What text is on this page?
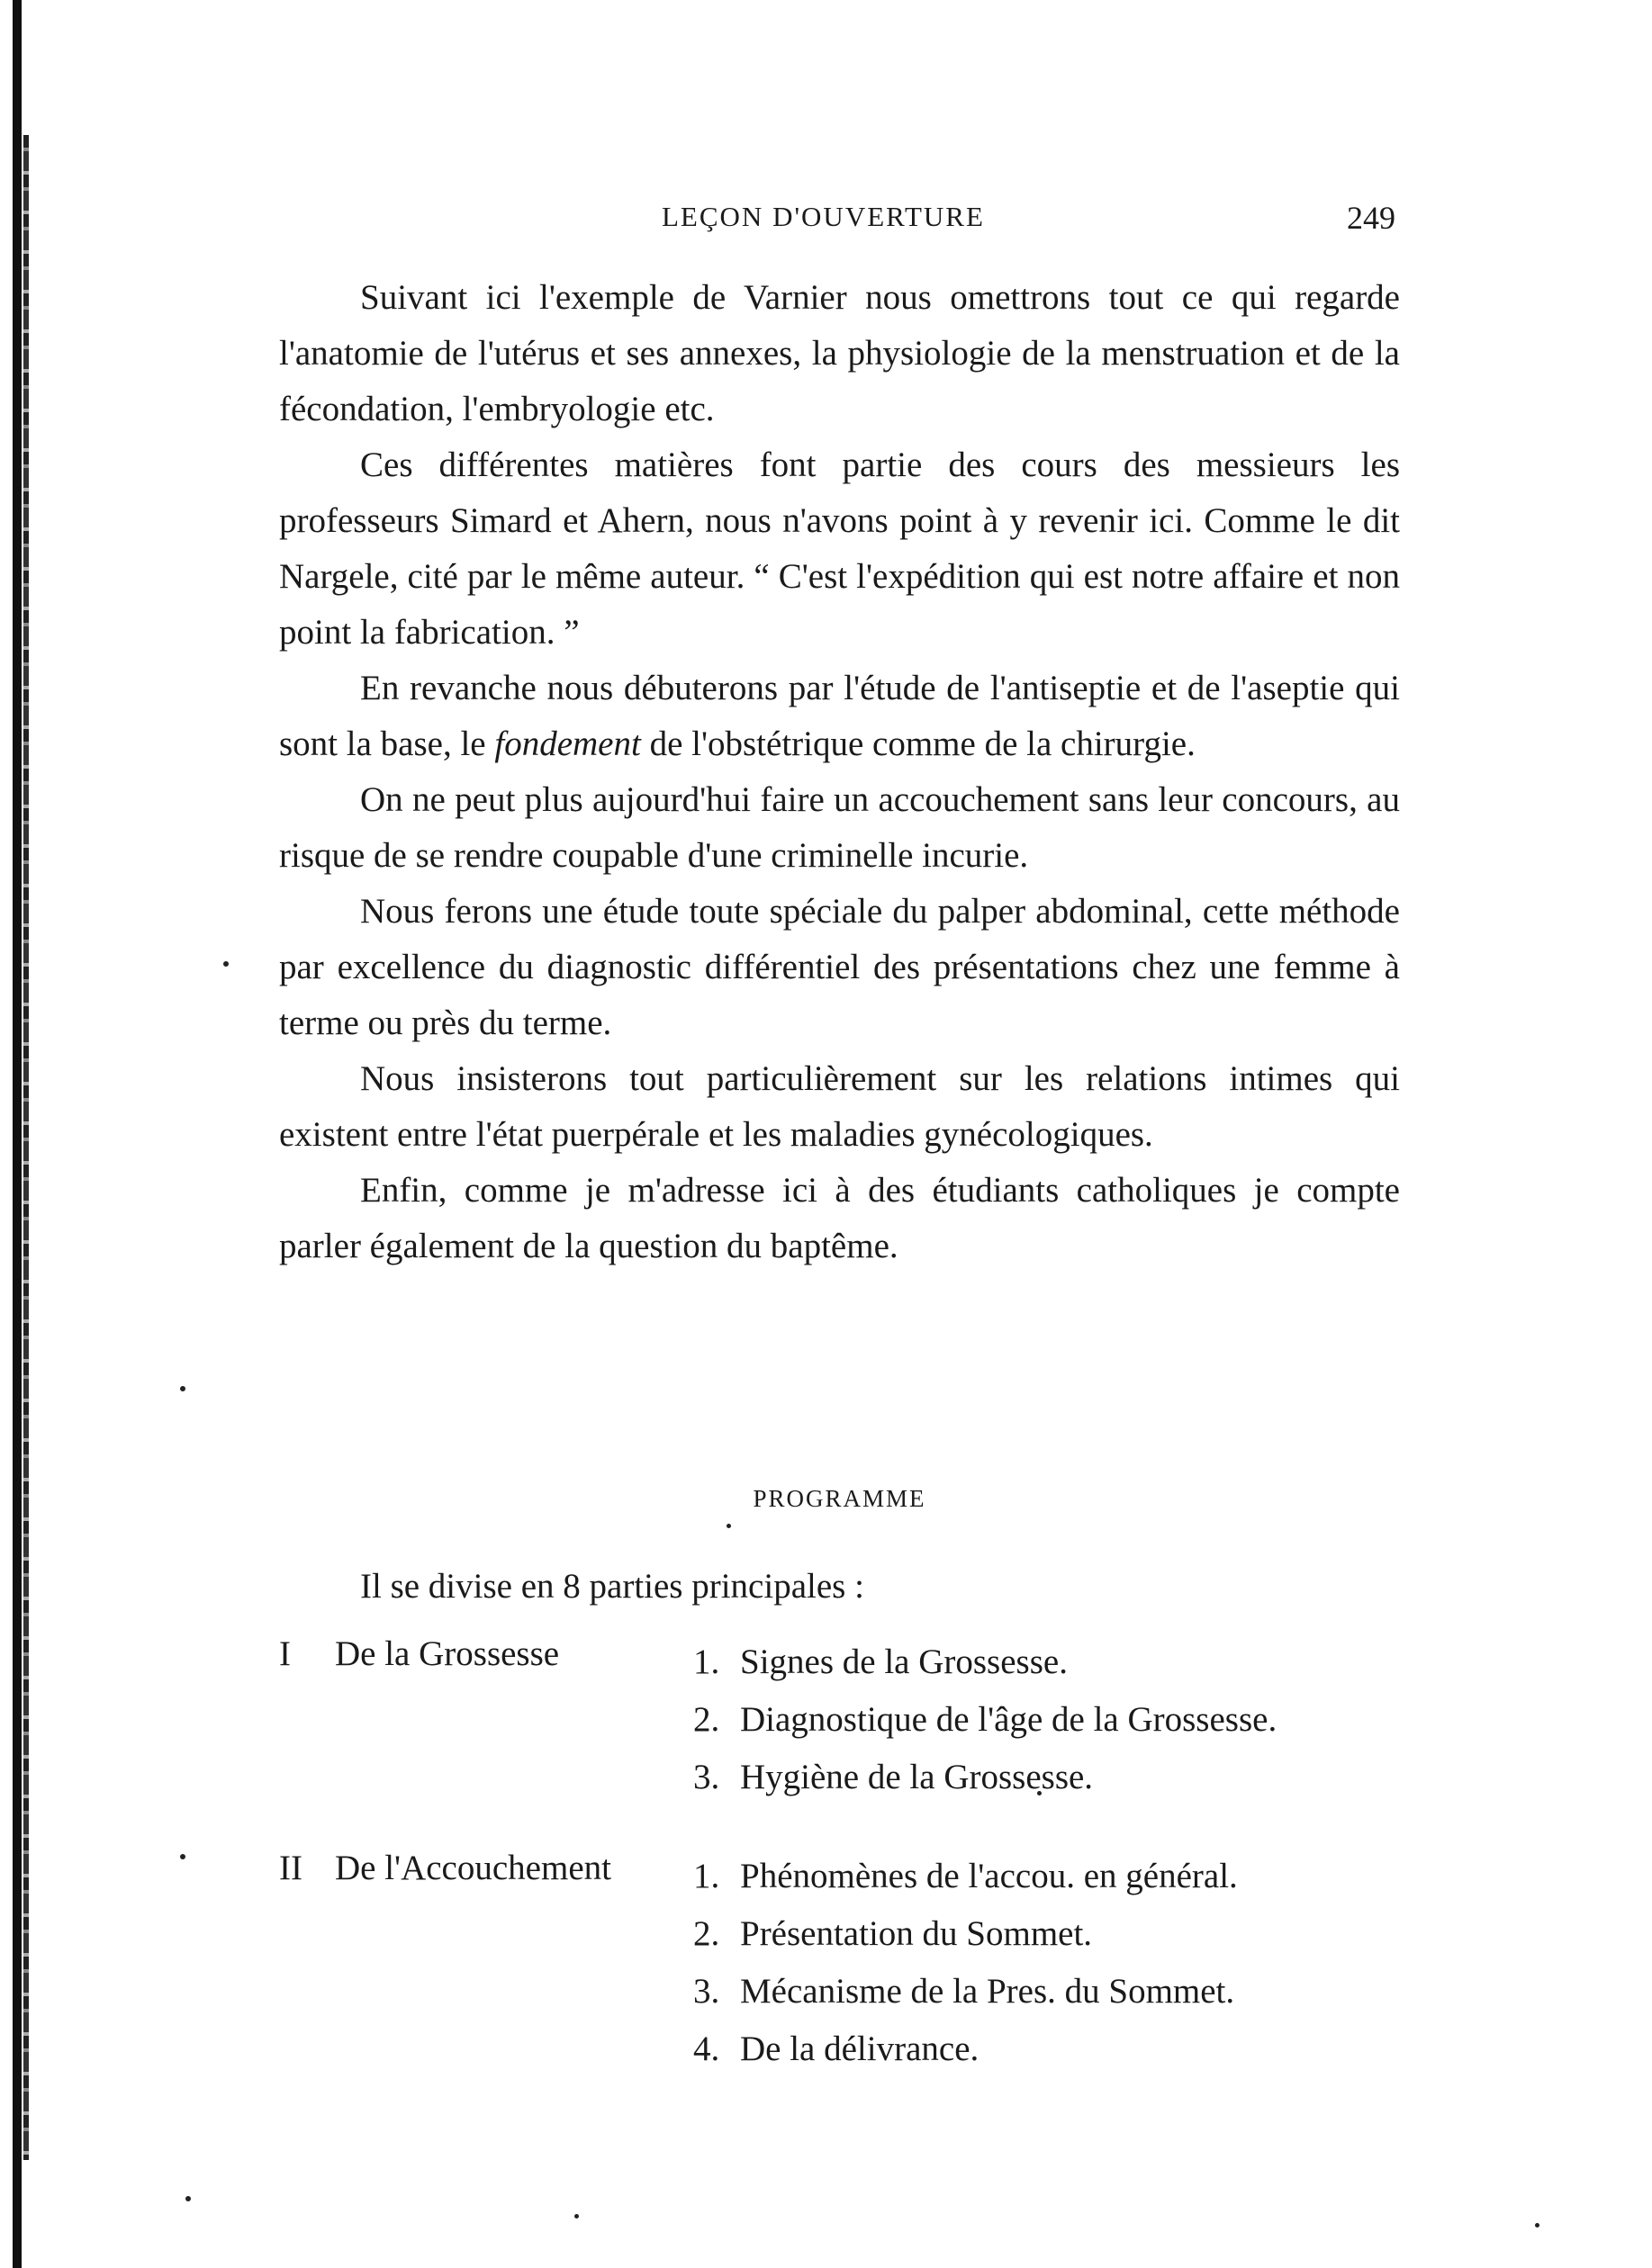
LEÇON D'OUVERTURE	249

Suivant ici l'exemple de Varnier nous omettrons tout ce qui regarde l'anatomie de l'utérus et ses annexes, la physiologie de la menstruation et de la fécondation, l'embryologie etc.

Ces différentes matières font partie des cours des messieurs les professeurs Simard et Ahern, nous n'avons point à y revenir ici. Comme le dit Nargele, cité par le même auteur. “ C'est l'expédition qui est notre affaire et non point la fabrication. ”

En revanche nous débuterons par l'étude de l'antiseptie et de l'aseptie qui sont la base, le fondement de l'obstétrique comme de la chirurgie.

On ne peut plus aujourd'hui faire un accouchement sans leur concours, au risque de se rendre coupable d'une criminelle incurie.

Nous ferons une étude toute spéciale du palper abdominal, cette méthode par excellence du diagnostic différentiel des présentations chez une femme à terme ou près du terme.

Nous insisterons tout particulièrement sur les relations intimes qui existent entre l'état puerpérale et les maladies gynécologiques.

Enfin, comme je m'adresse ici à des étudiants catholiques je compte parler également de la question du baptême.

PROGRAMME
Il se divise en 8 parties principales :
I De la Grossesse	1. Signes de la Grossesse.
2. Diagnostique de l'âge de la Grossesse.
3. Hygiène de la Grossesse.
II De l'Accouchement 1. Phénomènes de l'accou. en général.
2. Présentation du Sommet.
3. Mécanisme de la Pres. du Sommet.
4. De la délivrance.
